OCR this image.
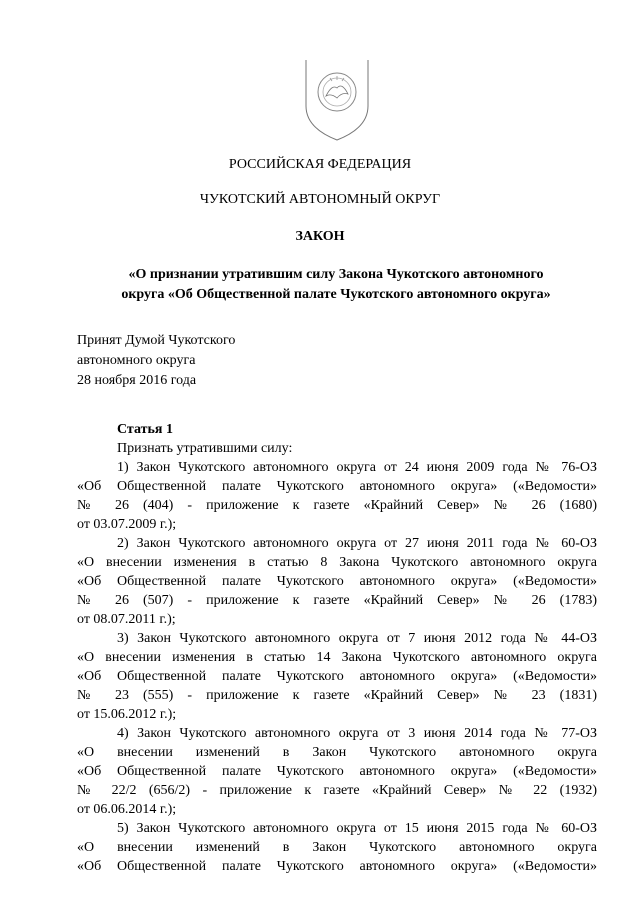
РОССИЙСКАЯ ФЕДЕРАЦИЯ
ЧУКОТСКИЙ АВТОНОМНЫЙ ОКРУГ
ЗАКОН
«О признании утратившим силу Закона Чукотского автономного
округа «Об Общественной палате Чукотского автономного округа»
Принят Думой Чукотского
автономного округа
28 ноября 2016 года
Статья 1
Признать утратившими силу:
1) Закон Чукотского автономного округа от 24 июня 2009 года № 76-ОЗ
«Об Общественной палате Чукотского автономного округа» («Ведомости»
№ 26 (404) - приложение к газете «Крайний Север» № 26 (1680)
от 03.07.2009 г.);
2) Закон Чукотского автономного округа от 27 июня 2011 года № 60-ОЗ
«О внесении изменения в статью 8 Закона Чукотского автономного округа
«Об Общественной палате Чукотского автономного округа» («Ведомости»
№ 26 (507) - приложение к газете «Крайний Север» № 26 (1783)
от 08.07.2011 г.);
3) Закон Чукотского автономного округа от 7 июня 2012 года № 44-ОЗ
«О внесении изменения в статью 14 Закона Чукотского автономного округа
«Об Общественной палате Чукотского автономного округа» («Ведомости»
№ 23 (555) - приложение к газете «Крайний Север» № 23 (1831)
от 15.06.2012 г.);
4) Закон Чукотского автономного округа от 3 июня 2014 года № 77-ОЗ
«О внесении изменений в Закон Чукотского автономного округа
«Об Общественной палате Чукотского автономного округа» («Ведомости»
№ 22/2 (656/2) - приложение к газете «Крайний Север» № 22 (1932)
от 06.06.2014 г.);
5) Закон Чукотского автономного округа от 15 июня 2015 года № 60-ОЗ
«О внесении изменений в Закон Чукотского автономного округа
«Об Общественной палате Чукотского автономного округа» («Ведомости»
